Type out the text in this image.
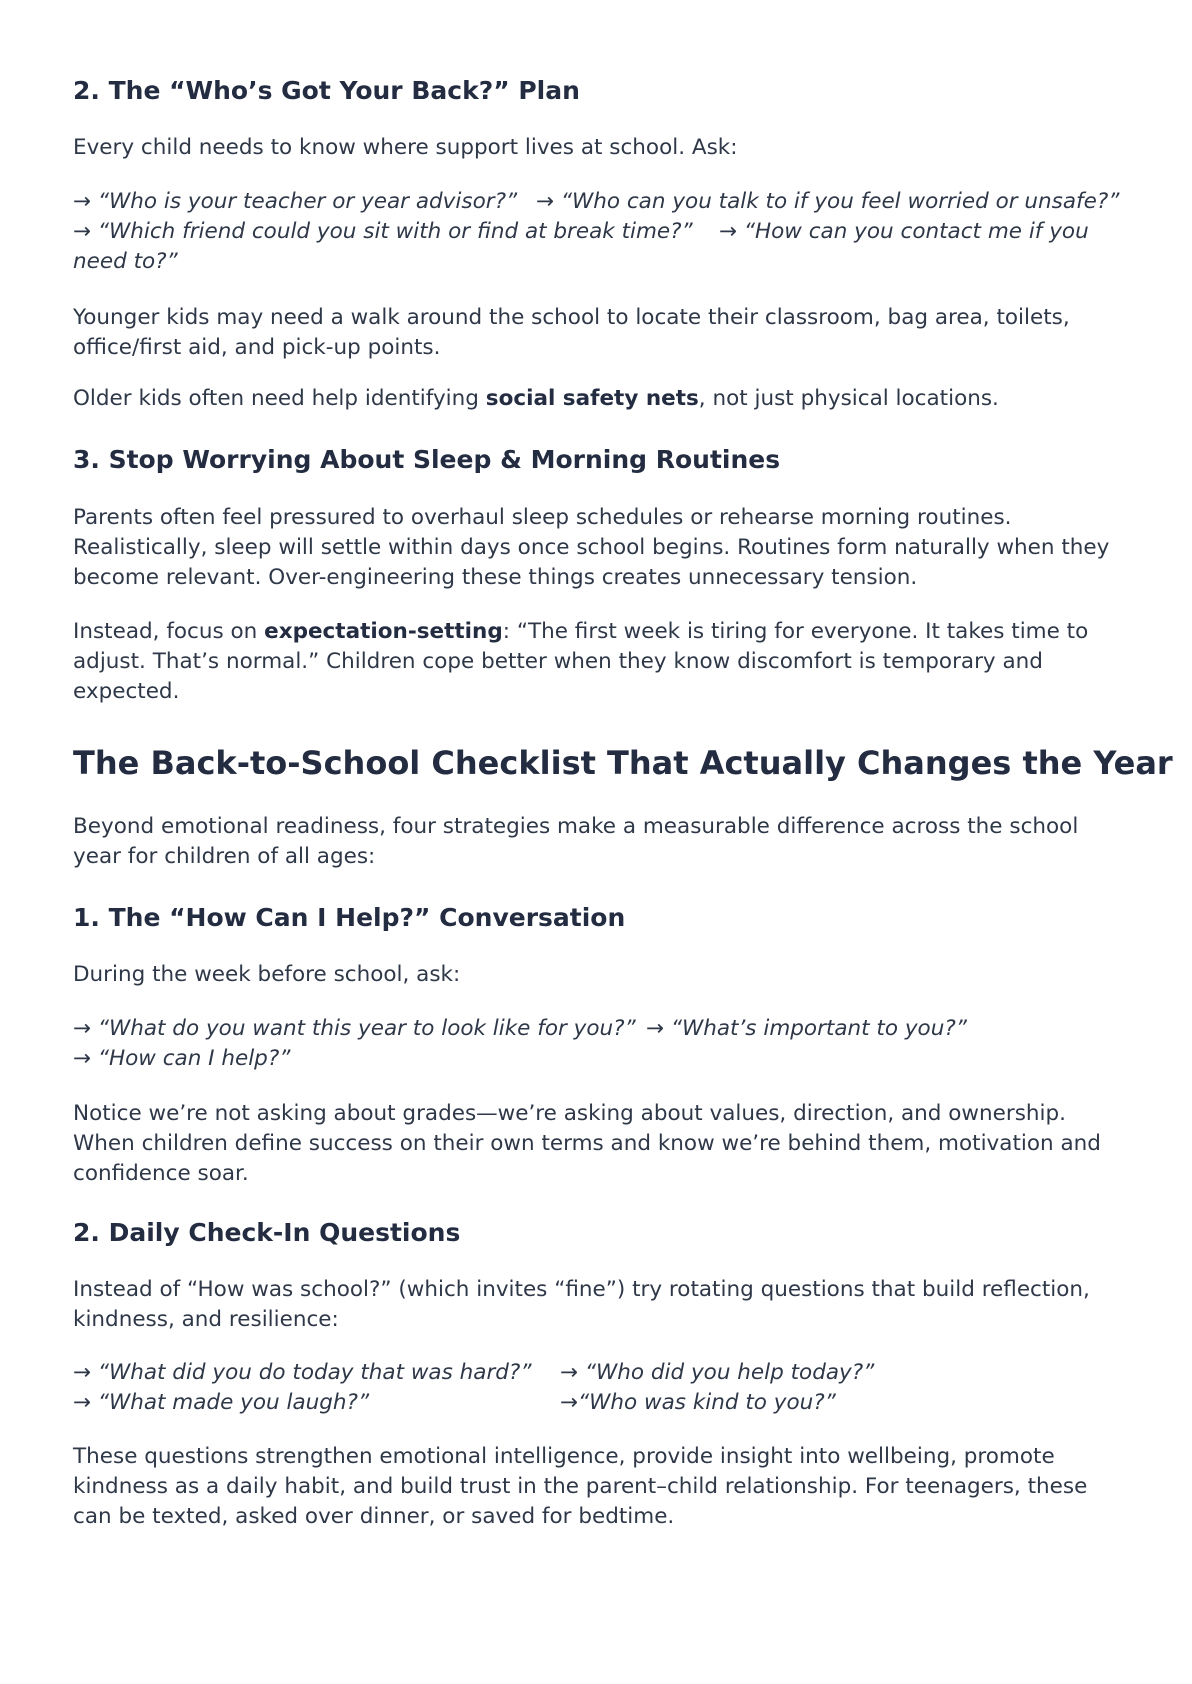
2. The “Who’s Got Your Back?” Plan

Every child needs to know where support lives at school. Ask:

→ “Who is your teacher or year advisor?” → “Who can you talk to if you feel worried or unsafe?”
→ “Which friend could you sit with or find at break time?” → “How can you contact me if you
need to?”

Younger kids may need a walk around the school to locate their classroom, bag area, toilets,
office/first aid, and pick-up points.

Older kids often need help identifying social safety nets, not just physical locations.

3. Stop Worrying About Sleep & Morning Routines

Parents often feel pressured to overhaul sleep schedules or rehearse morning routines.
Realistically, sleep will settle within days once school begins. Routines form naturally when they
become relevant. Over-engineering these things creates unnecessary tension.

Instead, focus on expectation-setting: “The first week is tiring for everyone. It takes time to
adjust. That’s normal.” Children cope better when they know discomfort is temporary and
expected.

The Back-to-School Checklist That Actually Changes the Year

Beyond emotional readiness, four strategies make a measurable difference across the school
year for children of all ages:

1. The “How Can I Help?” Conversation

During the week before school, ask:

→ “What do you want this year to look like for you?” → “What’s important to you?”
→ “How can I help?”

Notice we’re not asking about grades—we’re asking about values, direction, and ownership.
When children define success on their own terms and know we’re behind them, motivation and
confidence soar.

2. Daily Check-In Questions

Instead of “How was school?” (which invites “fine”) try rotating questions that build reflection,
kindness, and resilience:

→ “What did you do today that was hard?” → “Who did you help today?”
→ “What made you laugh?”	→“Who was kind to you?”

These questions strengthen emotional intelligence, provide insight into wellbeing, promote
kindness as a daily habit, and build trust in the parent–child relationship. For teenagers, these
can be texted, asked over dinner, or saved for bedtime.
